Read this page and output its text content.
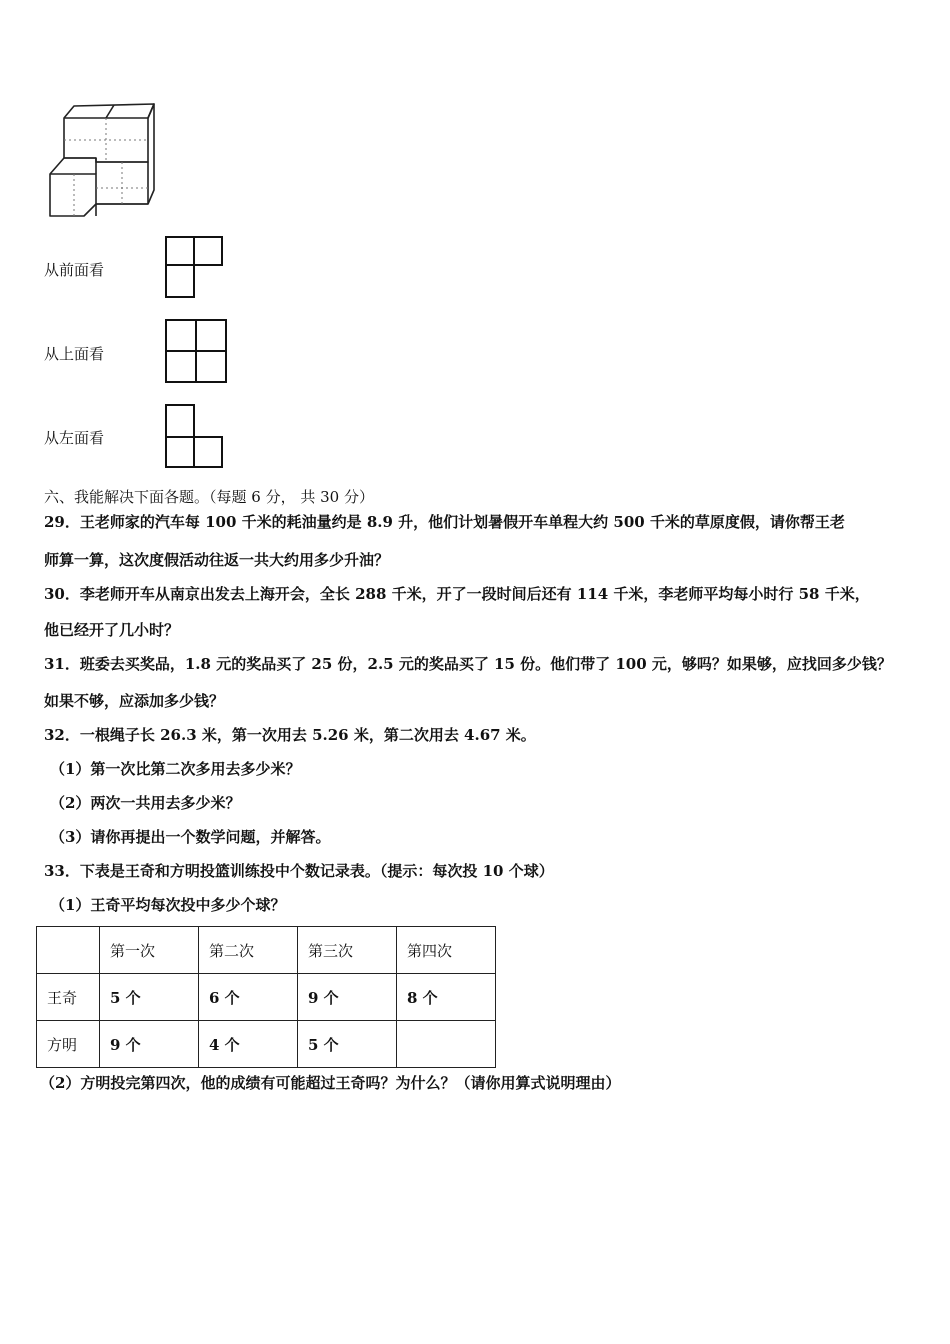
从前面看
从上面看
从左面看
六、我能解决下面各题。（每题 6 分， 共 30 分）
29．王老师家的汽车每 100 千米的耗油量约是 8.9 升，他们计划暑假开车单程大约 500 千米的草原度假，请你帮王老
师算一算，这次度假活动往返一共大约用多少升油？
30．李老师开车从南京出发去上海开会，全长 288 千米，开了一段时间后还有 114 千米，李老师平均每小时行 58 千米，
他已经开了几小时？
31．班委去买奖品，1.8 元的奖品买了 25 份，2.5 元的奖品买了 15 份。他们带了 100 元，够吗？如果够，应找回多少钱？
如果不够，应添加多少钱？
32．一根绳子长 26.3 米，第一次用去 5.26 米，第二次用去 4.67 米。
（1）第一次比第二次多用去多少米？
（2）两次一共用去多少米？
（3）请你再提出一个数学问题，并解答。
33．下表是王奇和方明投篮训练投中个数记录表。（提示：每次投 10 个球）
（1）王奇平均每次投中多少个球？
	第一次	第二次	第三次	第四次
王奇	5 个	6 个	9 个	8 个
方明	9 个	4 个	5 个	
（2）方明投完第四次，他的成绩有可能超过王奇吗？为什么？（请你用算式说明理由）
